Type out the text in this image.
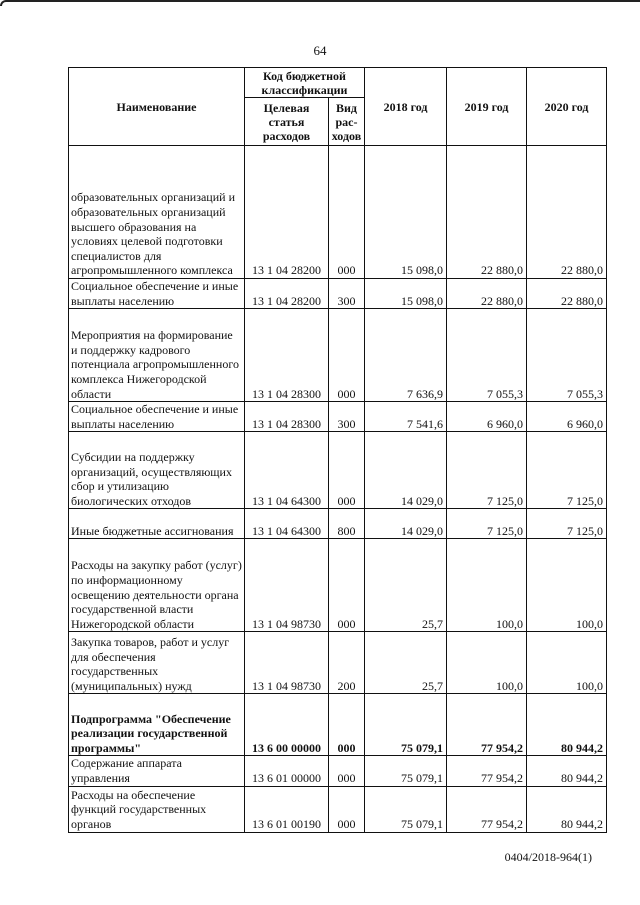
64
Наименование	Код бюджетной классификации		2018 год	2019 год	2020 год
	Целевая статья расходов	Вид рас-ходов			
образовательных организаций и образовательных организаций высшего образования на условиях целевой подготовки специалистов для агропромышленного комплекса	13 1 04 28200	000	15 098,0	22 880,0	22 880,0
Социальное обеспечение и иные выплаты населению	13 1 04 28200	300	15 098,0	22 880,0	22 880,0
Мероприятия на формирование и поддержку кадрового потенциала агропромышленного комплекса Нижегородской области	13 1 04 28300	000	7 636,9	7 055,3	7 055,3
Социальное обеспечение и иные выплаты населению	13 1 04 28300	300	7 541,6	6 960,0	6 960,0
Субсидии на поддержку организаций, осуществляющих сбор и утилизацию биологических отходов	13 1 04 64300	000	14 029,0	7 125,0	7 125,0
Иные бюджетные ассигнования	13 1 04 64300	800	14 029,0	7 125,0	7 125,0
Расходы на закупку работ (услуг) по информационному освещению деятельности органа государственной власти Нижегородской области	13 1 04 98730	000	25,7	100,0	100,0
Закупка товаров, работ и услуг для обеспечения государственных (муниципальных) нужд	13 1 04 98730	200	25,7	100,0	100,0
Подпрограмма "Обеспечение реализации государственной программы"	13 6 00 00000	000	75 079,1	77 954,2	80 944,2
Содержание аппарата управления	13 6 01 00000	000	75 079,1	77 954,2	80 944,2
Расходы на обеспечение функций государственных органов	13 6 01 00190	000	75 079,1	77 954,2	80 944,2
0404/2018-964(1)
